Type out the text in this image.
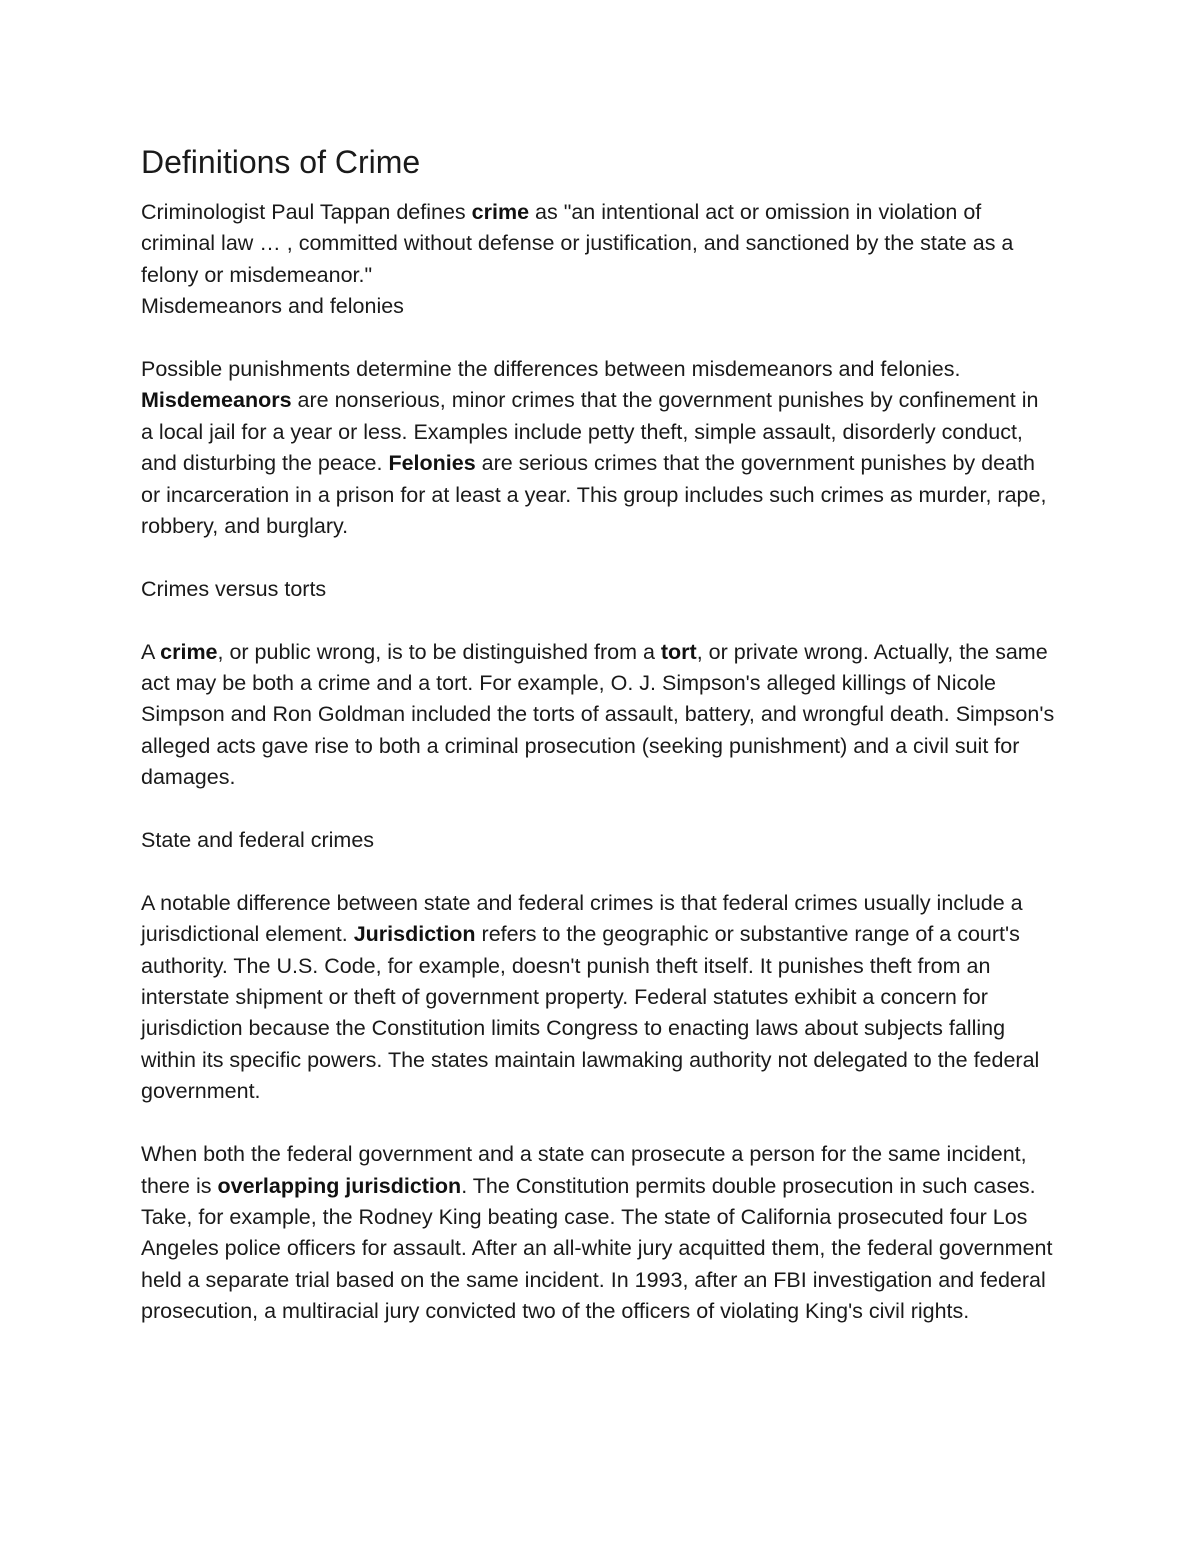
Definitions of Crime

Criminologist Paul Tappan defines crime as "an intentional act or omission in violation of criminal law … , committed without defense or justification, and sanctioned by the state as a felony or misdemeanor."

Misdemeanors and felonies

Possible punishments determine the differences between misdemeanors and felonies. Misdemeanors are nonserious, minor crimes that the government punishes by confinement in a local jail for a year or less. Examples include petty theft, simple assault, disorderly conduct, and disturbing the peace. Felonies are serious crimes that the government punishes by death or incarceration in a prison for at least a year. This group includes such crimes as murder, rape, robbery, and burglary.

Crimes versus torts

A crime, or public wrong, is to be distinguished from a tort, or private wrong. Actually, the same act may be both a crime and a tort. For example, O. J. Simpson's alleged killings of Nicole Simpson and Ron Goldman included the torts of assault, battery, and wrongful death. Simpson's alleged acts gave rise to both a criminal prosecution (seeking punishment) and a civil suit for damages.

State and federal crimes

A notable difference between state and federal crimes is that federal crimes usually include a jurisdictional element. Jurisdiction refers to the geographic or substantive range of a court's authority. The U.S. Code, for example, doesn't punish theft itself. It punishes theft from an interstate shipment or theft of government property. Federal statutes exhibit a concern for jurisdiction because the Constitution limits Congress to enacting laws about subjects falling within its specific powers. The states maintain lawmaking authority not delegated to the federal government.

When both the federal government and a state can prosecute a person for the same incident, there is overlapping jurisdiction. The Constitution permits double prosecution in such cases. Take, for example, the Rodney King beating case. The state of California prosecuted four Los Angeles police officers for assault. After an all-white jury acquitted them, the federal government held a separate trial based on the same incident. In 1993, after an FBI investigation and federal prosecution, a multiracial jury convicted two of the officers of violating King's civil rights.
